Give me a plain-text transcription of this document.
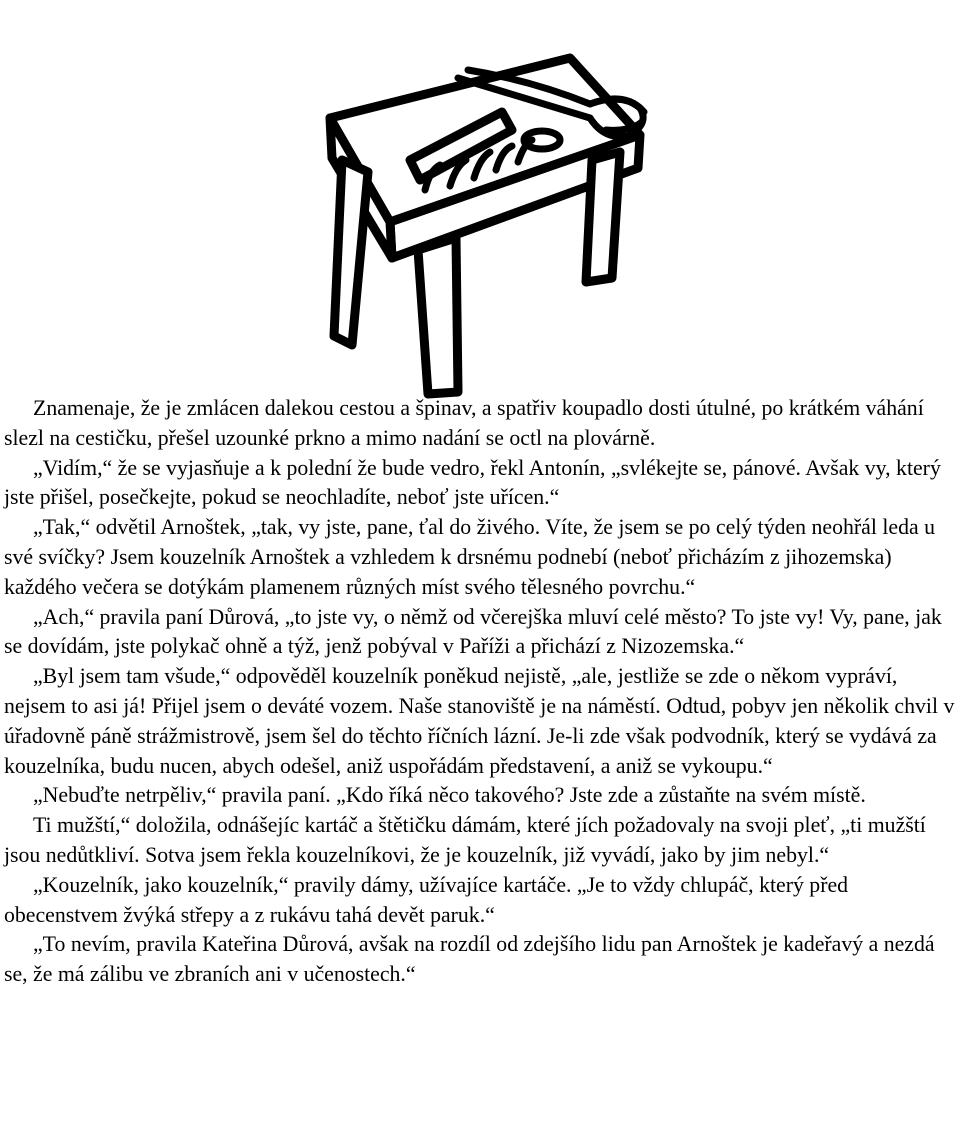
Znamenaje, že je zmlácen dalekou cestou a špinav, a spatřiv koupadlo dosti útulné, po krátkém váhání slezl na cestičku, přešel uzounké prkno a mimo nadání se octl na plovárně.

„Vidím,“ že se vyjasňuje a k polední že bude vedro, řekl Antonín, „svlékejte se, pánové. Avšak vy, který jste přišel, posečkejte, pokud se neochladíte, neboť jste uřícen.“

„Tak,“ odvětil Arnoštek, „tak, vy jste, pane, ťal do živého. Víte, že jsem se po celý týden neohřál leda u své svíčky? Jsem kouzelník Arnoštek a vzhledem k drsnému podnebí (neboť přicházím z jihozemska) každého večera se dotýkám plamenem různých míst svého tělesného povrchu.“

„Ach,“ pravila paní Důrová, „to jste vy, o němž od včerejška mluví celé město? To jste vy! Vy, pane, jak se dovídám, jste polykač ohně a týž, jenž pobýval v Paříži a přichází z Nizozemska.“

„Byl jsem tam všude,“ odpověděl kouzelník poněkud nejistě, „ale, jestliže se zde o někom vypráví, nejsem to asi já! Přijel jsem o deváté vozem. Naše stanoviště je na náměstí. Odtud, pobyv jen několik chvil v úřadovně páně strážmistrově, jsem šel do těchto říčních lázní. Je-li zde však podvodník, který se vydává za kouzelníka, budu nucen, abych odešel, aniž uspořádám představení, a aniž se vykoupu.“

„Nebuďte netrpěliv,“ pravila paní. „Kdo říká něco takového? Jste zde a zůstaňte na svém místě.

Ti mužští,“ doložila, odnášejíc kartáč a štětičku dámám, které jích požadovaly na svoji pleť, „ti mužští jsou nedůtkliví. Sotva jsem řekla kouzelníkovi, že je kouzelník, již vyvádí, jako by jim nebyl.“

„Kouzelník, jako kouzelník,“ pravily dámy, užívajíce kartáče. „Je to vždy chlupáč, který před obecenstvem žvýká střepy a z rukávu tahá devět paruk.“

„To nevím, pravila Kateřina Důrová, avšak na rozdíl od zdejšího lidu pan Arnoštek je kadeřavý a nezdá se, že má zálibu ve zbraních ani v učenostech.“
